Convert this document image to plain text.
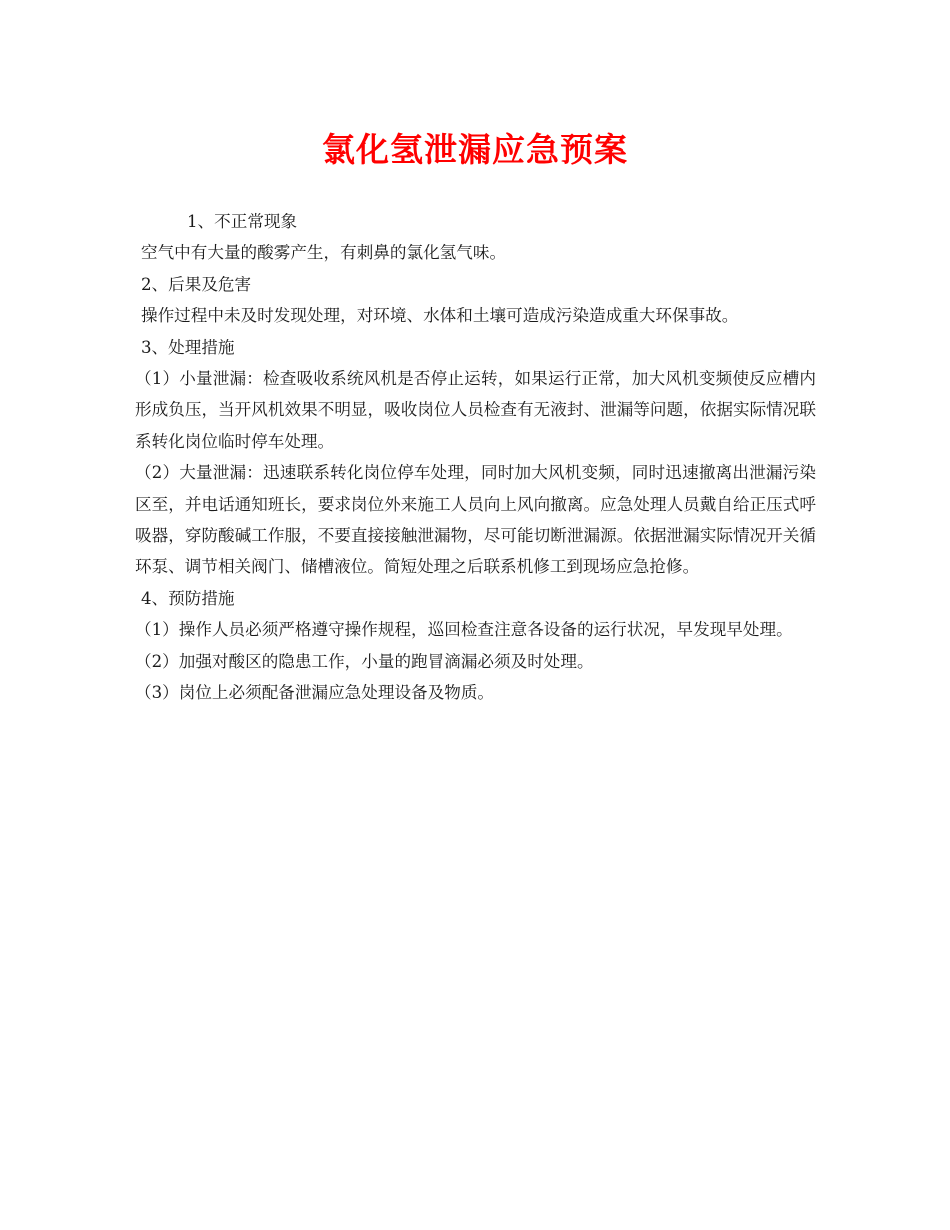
氯化氢泄漏应急预案

1、不正常现象

空气中有大量的酸雾产生，有刺鼻的氯化氢气味。

2、后果及危害

操作过程中未及时发现处理，对环境、水体和土壤可造成污染造成重大环保事故。

3、处理措施

（1）小量泄漏：检查吸收系统风机是否停止运转，如果运行正常，加大风机变频使反应槽内形成负压，当开风机效果不明显，吸收岗位人员检查有无液封、泄漏等问题，依据实际情况联系转化岗位临时停车处理。

（2）大量泄漏：迅速联系转化岗位停车处理，同时加大风机变频，同时迅速撤离出泄漏污染区至，并电话通知班长，要求岗位外来施工人员向上风向撤离。应急处理人员戴自给正压式呼吸器，穿防酸碱工作服，不要直接接触泄漏物，尽可能切断泄漏源。依据泄漏实际情况开关循环泵、调节相关阀门、储槽液位。简短处理之后联系机修工到现场应急抢修。

4、预防措施

（1）操作人员必须严格遵守操作规程，巡回检查注意各设备的运行状况，早发现早处理。

（2）加强对酸区的隐患工作，小量的跑冒滴漏必须及时处理。

（3）岗位上必须配备泄漏应急处理设备及物质。
